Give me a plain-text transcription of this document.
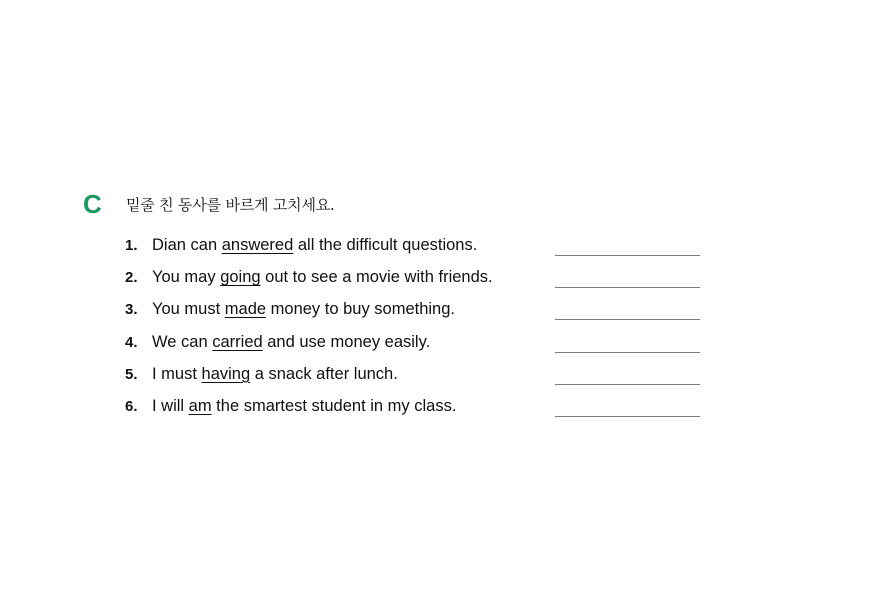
C 밑줄 친 동사를 바르게 고치세요.
1. Dian can answered all the difficult questions.
2. You may going out to see a movie with friends.
3. You must made money to buy something.
4. We can carried and use money easily.
5. I must having a snack after lunch.
6. I will am the smartest student in my class.
